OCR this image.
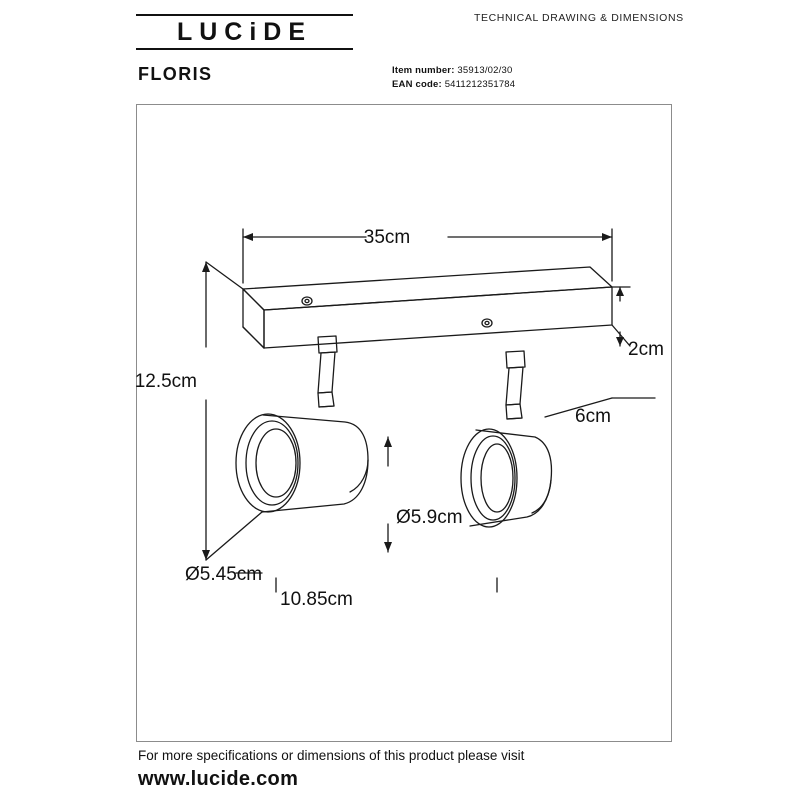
LUCiDE	TECHNICAL DRAWING & DIMENSIONS
FLORIS	Item number: 35913/02/30
EAN code: 5411212351784
35cm
12.5cm
2cm
6cm
Ø5.9cm
Ø5.45cm
10.85cm
For more specifications or dimensions of this product please visit
www.lucide.com
